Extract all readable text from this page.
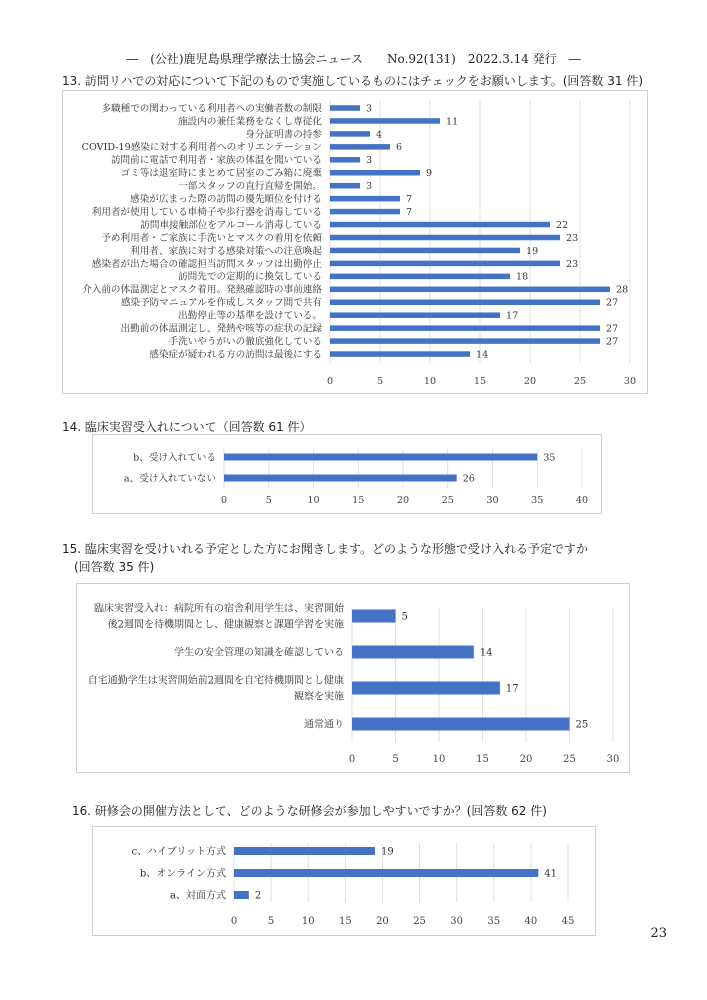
―　(公社)鹿児島県理学療法士協会ニュース　　No.92(131)　2022.3.14 発行　―
13. 訪問リハでの対応について下記のもので実施しているものにはチェックをお願いします。(回答数 31 件)
0	5	10	15	20	25	30
多職種での関わっている利用者への実働者数の制限	3
施設内の兼任業務をなくし専従化	11
身分証明書の持参	4
COVID-19感染に対する利用者へのオリエンテーション	6
訪問前に電話で利用者・家族の体温を聞いている	3
ゴミ等は退室時にまとめて居室のごみ箱に廃棄	9
一部スタッフの直行直帰を開始。	3
感染が広まった際の訪問の優先順位を付ける	7
利用者が使用している車椅子や歩行器を消毒している	7
訪問車接触部位をアルコール消毒している	22
予め利用者・ご家族に手洗いとマスクの着用を依頼	23
利用者、家族に対する感染対策への注意喚起	19
感染者が出た場合の確認担当訪問スタッフは出勤停止	23
訪問先での定期的に換気している	18
介入前の体温測定とマスク着用。発熱確認時の事前連絡	28
感染予防マニュアルを作成しスタッフ間で共有	27
出勤停止等の基準を設けている。	17
出勤前の体温測定し、発熱や咳等の症状の記録	27
手洗いやうがいの徹底強化している	27
感染症が疑われる方の訪問は最後にする	14
14. 臨床実習受入れについて（回答数 61 件）
0	5	10	15	20	25	30	35	40
b、受け入れている	35
a、受け入れていない	26
15. 臨床実習を受けいれる予定とした方にお聞きします。どのような形態で受け入れる予定ですか
(回答数 35 件)
0	5	10	15	20	25	30
臨床実習受入れ：病院所有の宿舎利用学生は、実習開始
後2週間を待機期間とし、健康観察と課題学習を実施
5
学生の安全管理の知識を確認している	14
自宅通勤学生は実習開始前2週間を自宅待機期間とし健康
観察を実施
17
通常通り	25
16. 研修会の開催方法として、どのような研修会が参加しやすいですか？(回答数 62 件)
0	5	10 15 20 25 30 35 40 45
c、ハイブリット方式	19
b、オンライン方式	41
a、対面方式	2
23
